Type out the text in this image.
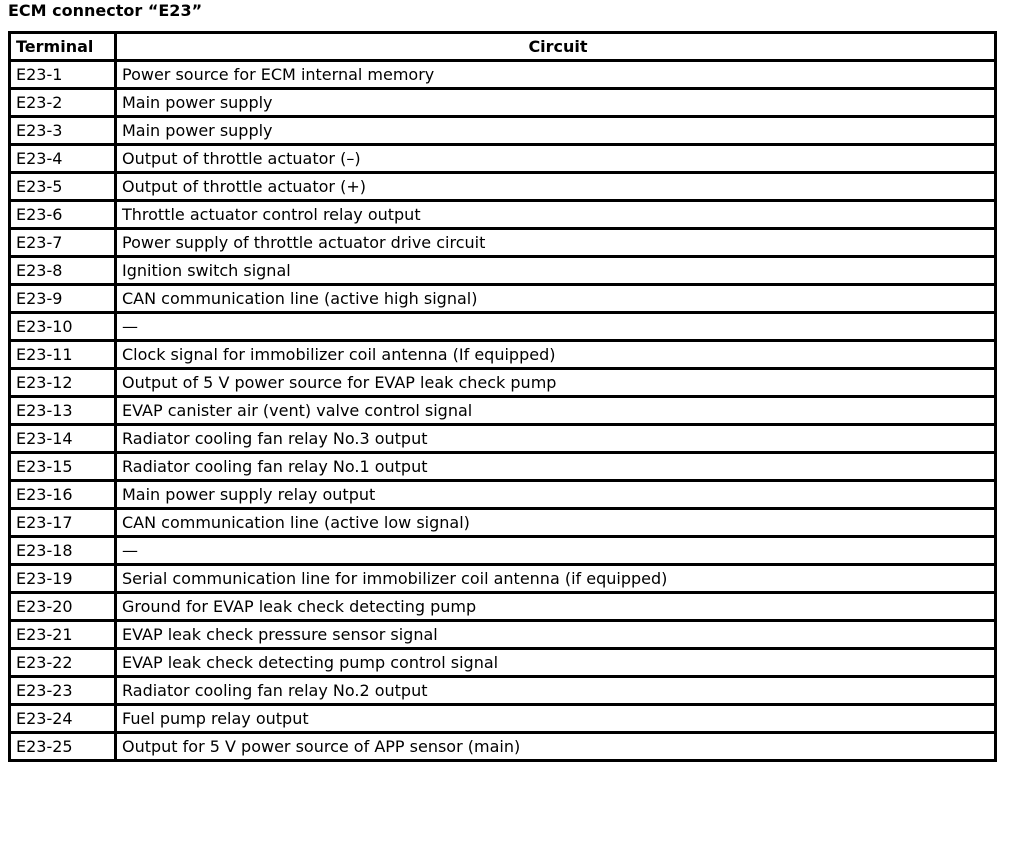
ECM connector “E23”
Terminal	Circuit
E23-1	Power source for ECM internal memory
E23-2	Main power supply
E23-3	Main power supply
E23-4	Output of throttle actuator (–)
E23-5	Output of throttle actuator (+)
E23-6	Throttle actuator control relay output
E23-7	Power supply of throttle actuator drive circuit
E23-8	Ignition switch signal
E23-9	CAN communication line (active high signal)
E23-10	—
E23-11	Clock signal for immobilizer coil antenna (If equipped)
E23-12	Output of 5 V power source for EVAP leak check pump
E23-13	EVAP canister air (vent) valve control signal
E23-14	Radiator cooling fan relay No.3 output
E23-15	Radiator cooling fan relay No.1 output
E23-16	Main power supply relay output
E23-17	CAN communication line (active low signal)
E23-18	—
E23-19	Serial communication line for immobilizer coil antenna (if equipped)
E23-20	Ground for EVAP leak check detecting pump
E23-21	EVAP leak check pressure sensor signal
E23-22	EVAP leak check detecting pump control signal
E23-23	Radiator cooling fan relay No.2 output
E23-24	Fuel pump relay output
E23-25	Output for 5 V power source of APP sensor (main)
